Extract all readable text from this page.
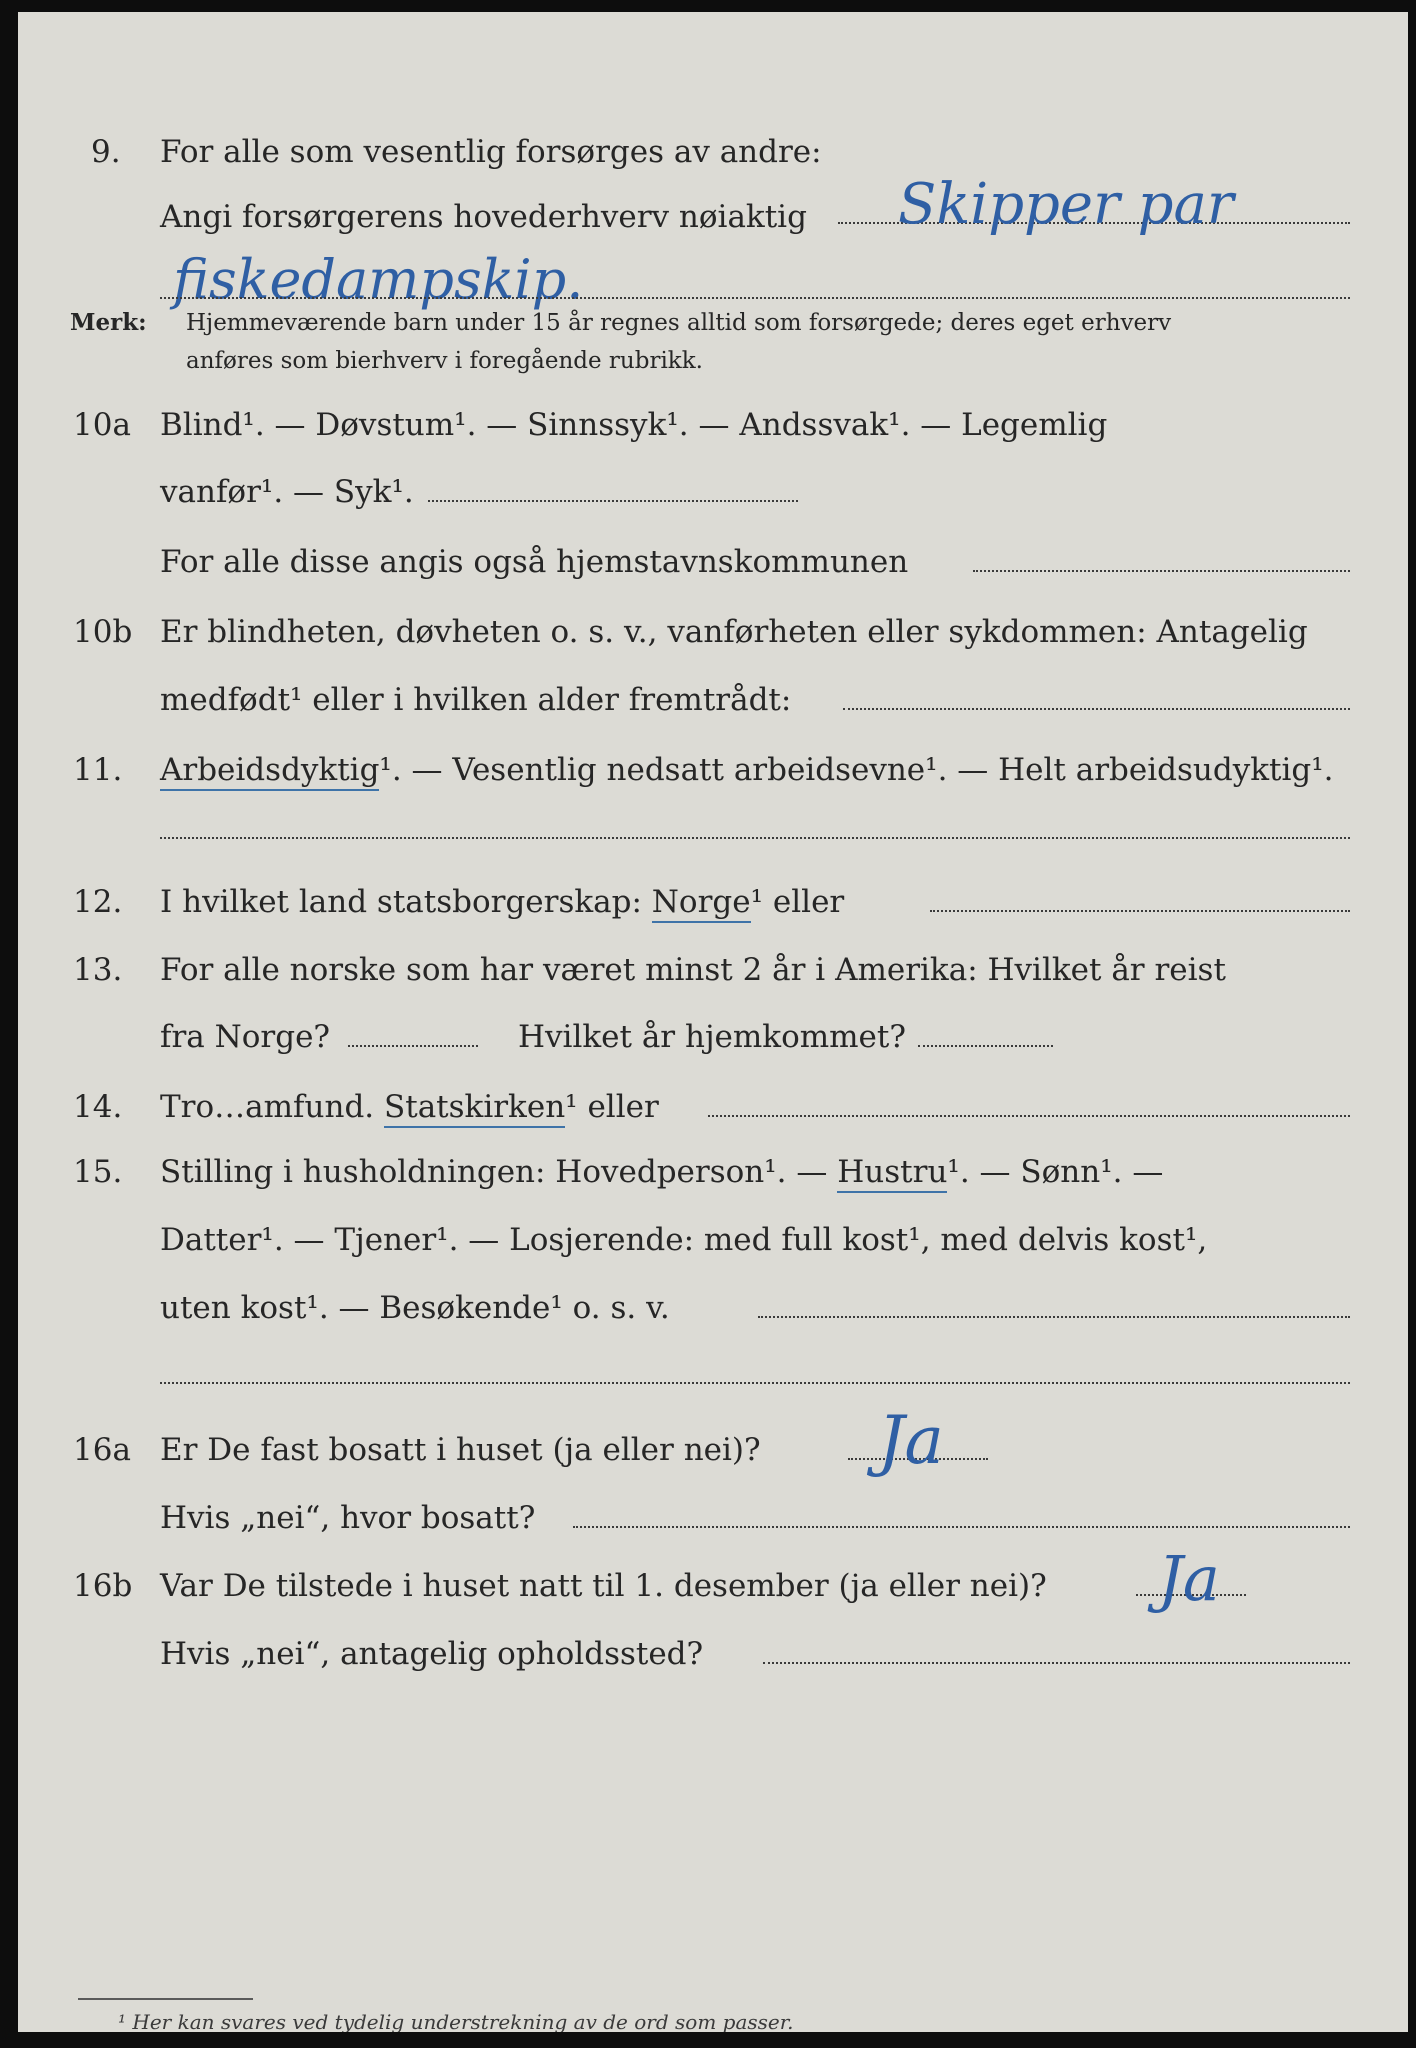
9. For alle som vesentlig forsørges av andre:
Angi forsørgerens hovederhverv nøiaktig Skipper par
fiskedampskip.
Merk: Hjemmeværende barn under 15 år regnes alltid som forsørgede; deres eget erhverv
anføres som bierhverv i foregående rubrikk.
10a Blind¹. — Døvstum¹. — Sinnssyk¹. — Andssvak¹. — Legemlig
vanfør¹. — Syk¹.
For alle disse angis også hjemstavnskommunen
10b Er blindheten, døvheten o. s. v., vanførheten eller sykdommen: Antagelig
medfødt¹ eller i hvilken alder fremtrådt:
11. Arbeidsdyktig¹. — Vesentlig nedsatt arbeidsevne¹. — Helt arbeidsudyktig¹.
12. I hvilket land statsborgerskap: Norge¹ eller
13. For alle norske som har været minst 2 år i Amerika: Hvilket år reist
fra Norge?	Hvilket år hjemkommet?
14. Tro…amfund. Statskirken¹ eller
15. Stilling i husholdningen: Hovedperson¹. — Hustru¹. — Sønn¹. —
Datter¹. — Tjener¹. — Losjerende: med full kost¹, med delvis kost¹,
uten kost¹. — Besøkende¹ o. s. v.
16a Er De fast bosatt i huset (ja eller nei)? Ja
Hvis „nei“, hvor bosatt?
16b Var De tilstede i huset natt til 1. desember (ja eller nei)? Ja
Hvis „nei“, antagelig opholdssted?
¹ Her kan svares ved tydelig understrekning av de ord som passer.
